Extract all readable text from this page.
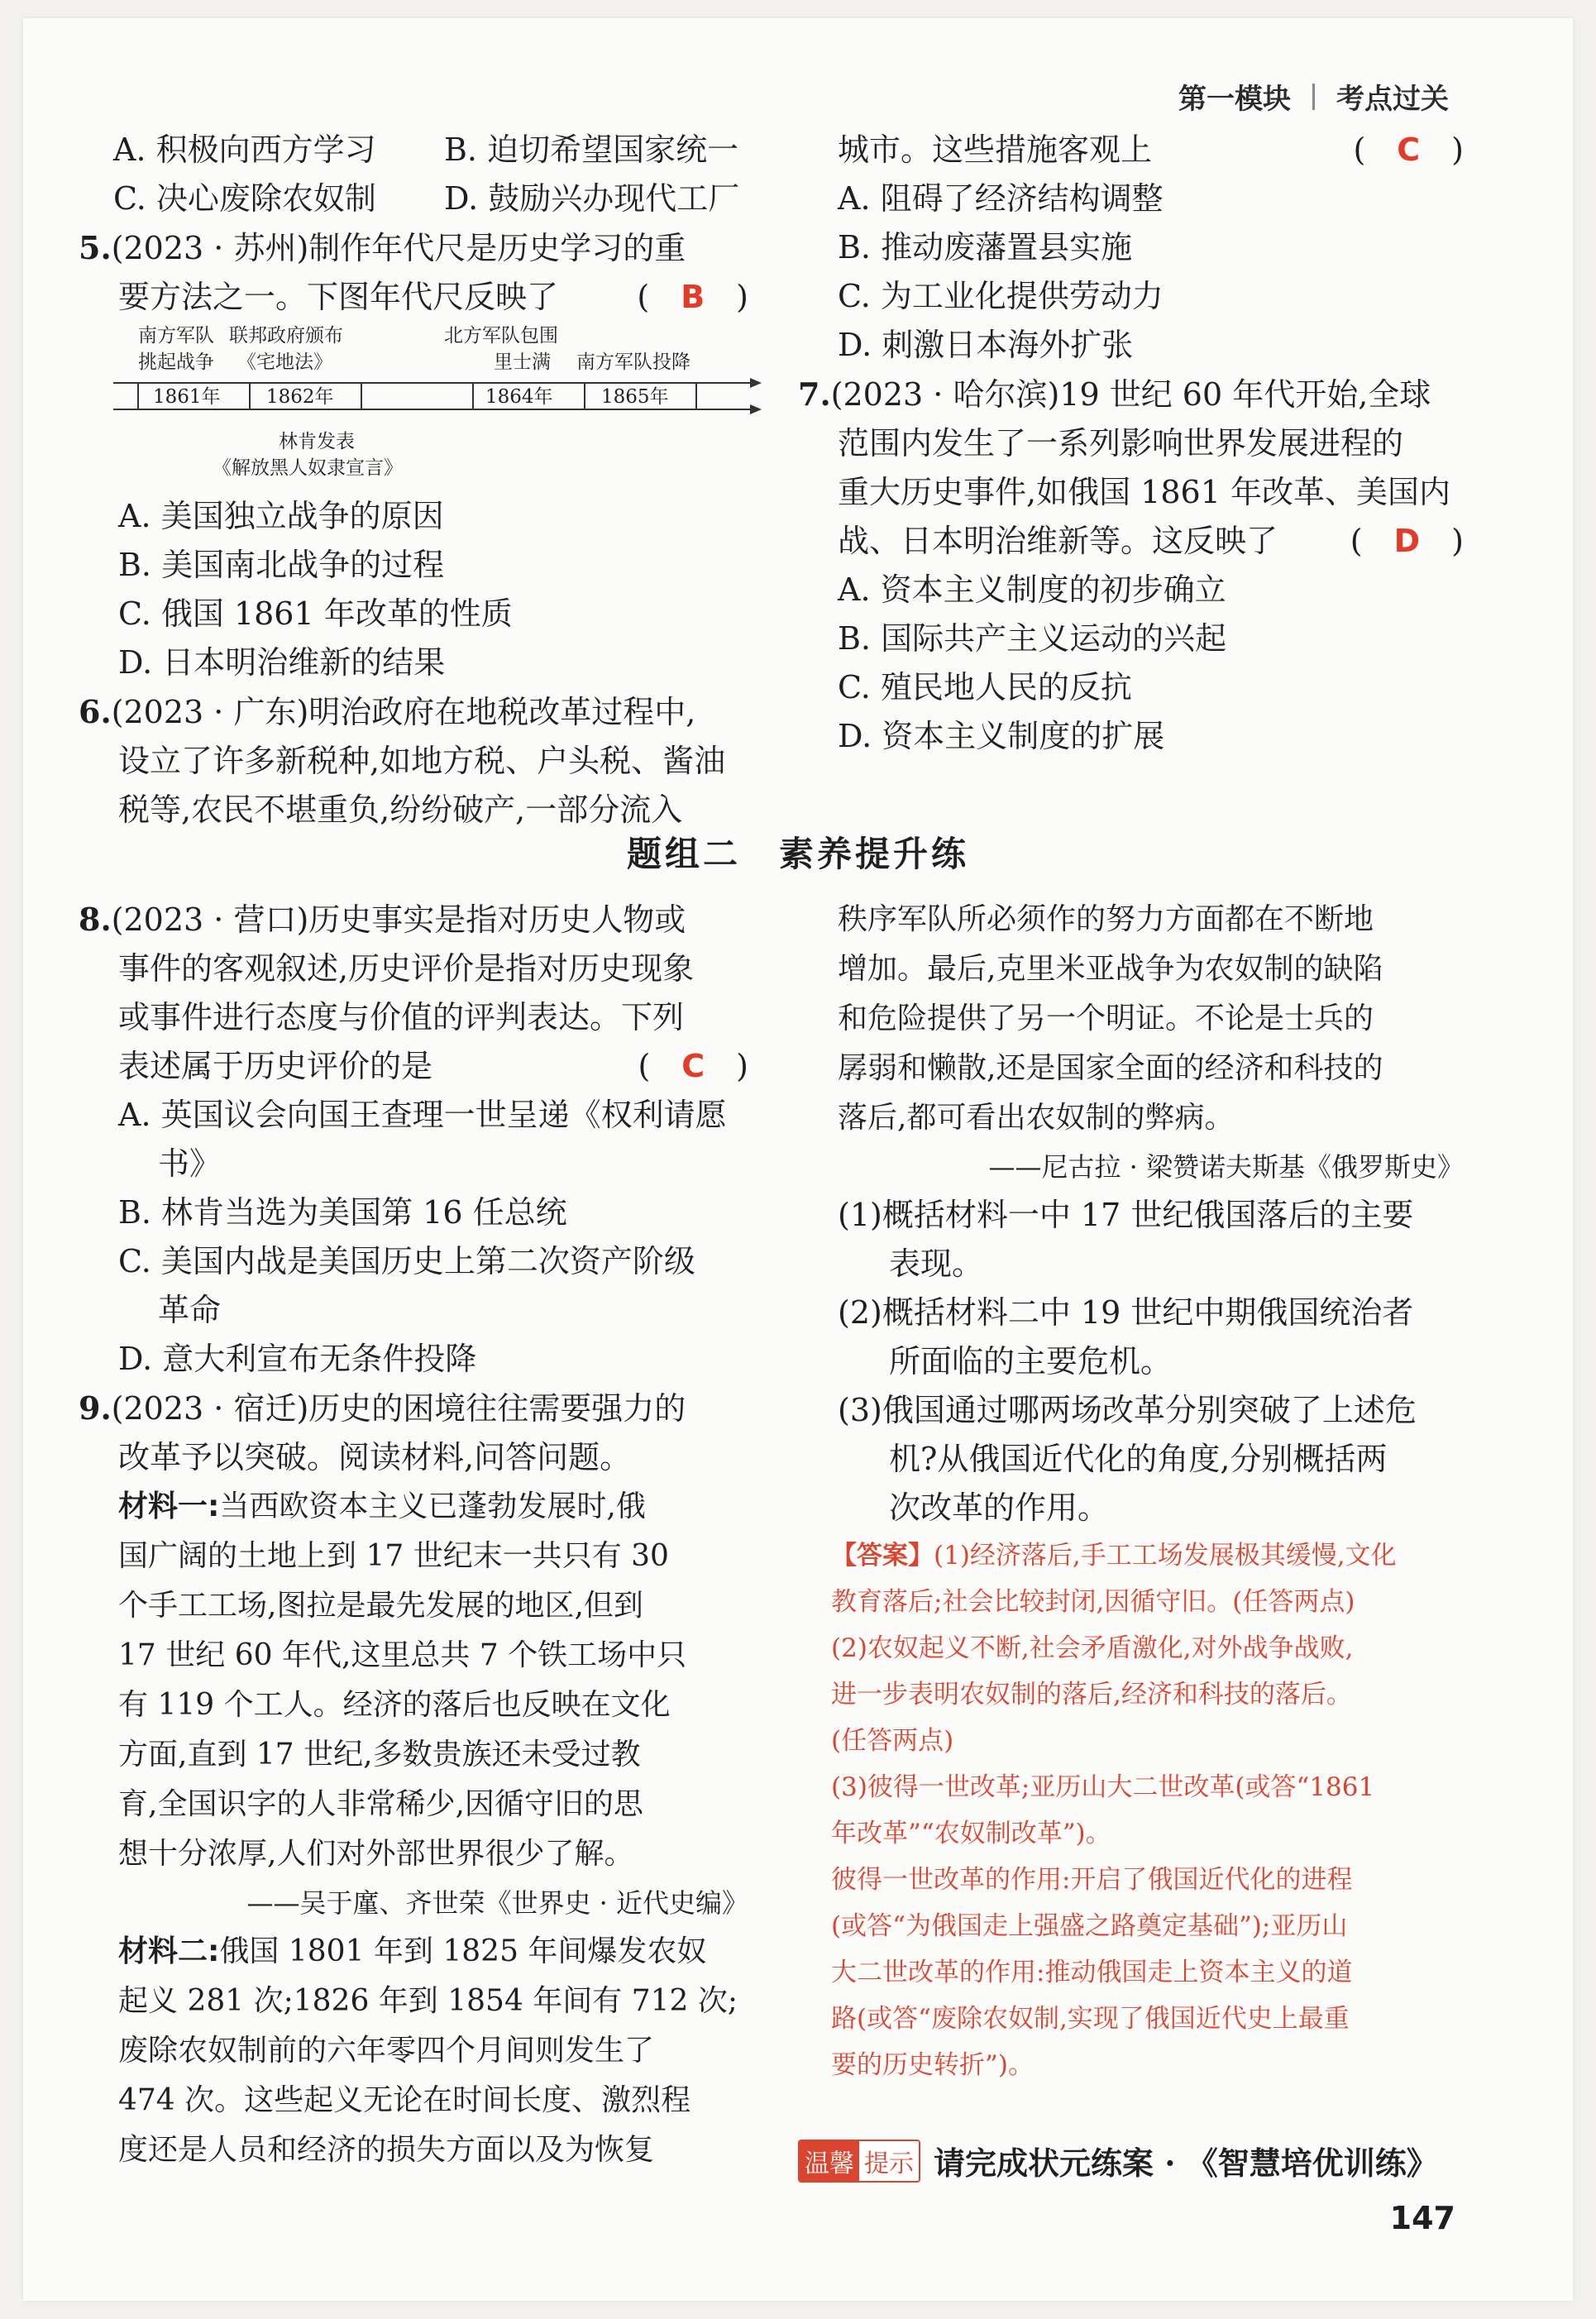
第一模块 考点过关
A. 积极向西方学习	B. 迫切希望国家统一
C. 决心废除农奴制	D. 鼓励兴办现代工厂
5.(2023 · 苏州)制作年代尺是历史学习的重
要方法之一。下图年代尺反映了	(　B　)
南方军队
挑起战争
联邦政府颁布
《宅地法》
北方军队包围
里士满 南方军队投降
1861年 1862年	1864年	1865年
林肯发表
《解放黑人奴隶宣言》
A. 美国独立战争的原因
B. 美国南北战争的过程
C. 俄国 1861 年改革的性质
D. 日本明治维新的结果
6.(2023 · 广东)明治政府在地税改革过程中,
设立了许多新税种,如地方税、户头税、酱油
税等,农民不堪重负,纷纷破产,一部分流入
城市。这些措施客观上	(　C　)
A. 阻碍了经济结构调整
B. 推动废藩置县实施
C. 为工业化提供劳动力
D. 刺激日本海外扩张
7.(2023 · 哈尔滨)19 世纪 60 年代开始,全球
范围内发生了一系列影响世界发展进程的
重大历史事件,如俄国 1861 年改革、美国内
战、日本明治维新等。这反映了 (　D　)
A. 资本主义制度的初步确立
B. 国际共产主义运动的兴起
C. 殖民地人民的反抗
D. 资本主义制度的扩展
题组二　素养提升练
8.(2023 · 营口)历史事实是指对历史人物或
事件的客观叙述,历史评价是指对历史现象
或事件进行态度与价值的评判表达。下列
表述属于历史评价的是	(　C　)
A. 英国议会向国王查理一世呈递《权利请愿
书》
B. 林肯当选为美国第 16 任总统
C. 美国内战是美国历史上第二次资产阶级
革命
D. 意大利宣布无条件投降
9.(2023 · 宿迁)历史的困境往往需要强力的
改革予以突破。阅读材料,问答问题。
材料一:当西欧资本主义已蓬勃发展时,俄
国广阔的土地上到 17 世纪末一共只有 30
个手工工场,图拉是最先发展的地区,但到
17 世纪 60 年代,这里总共 7 个铁工场中只
有 119 个工人。经济的落后也反映在文化
方面,直到 17 世纪,多数贵族还未受过教
育,全国识字的人非常稀少,因循守旧的思
想十分浓厚,人们对外部世界很少了解。
——吴于廑、齐世荣《世界史 · 近代史编》
材料二:俄国 1801 年到 1825 年间爆发农奴
起义 281 次;1826 年到 1854 年间有 712 次;
废除农奴制前的六年零四个月间则发生了
474 次。这些起义无论在时间长度、激烈程
度还是人员和经济的损失方面以及为恢复
秩序军队所必须作的努力方面都在不断地
增加。最后,克里米亚战争为农奴制的缺陷
和危险提供了另一个明证。不论是士兵的
孱弱和懒散,还是国家全面的经济和科技的
落后,都可看出农奴制的弊病。
——尼古拉 · 梁赞诺夫斯基《俄罗斯史》
(1)概括材料一中 17 世纪俄国落后的主要
表现。
(2)概括材料二中 19 世纪中期俄国统治者
所面临的主要危机。
(3)俄国通过哪两场改革分别突破了上述危
机?从俄国近代化的角度,分别概括两
次改革的作用。
【答案】(1)经济落后,手工工场发展极其缓慢,文化
教育落后;社会比较封闭,因循守旧。(任答两点)
(2)农奴起义不断,社会矛盾激化,对外战争战败,
进一步表明农奴制的落后,经济和科技的落后。
(任答两点)
(3)彼得一世改革;亚历山大二世改革(或答“1861
年改革”“农奴制改革”)。
彼得一世改革的作用:开启了俄国近代化的进程
(或答“为俄国走上强盛之路奠定基础”);亚历山
大二世改革的作用:推动俄国走上资本主义的道
路(或答“废除农奴制,实现了俄国近代史上最重
要的历史转折”)。
温馨 提示 请完成状元练案 · 《智慧培优训练》
147
